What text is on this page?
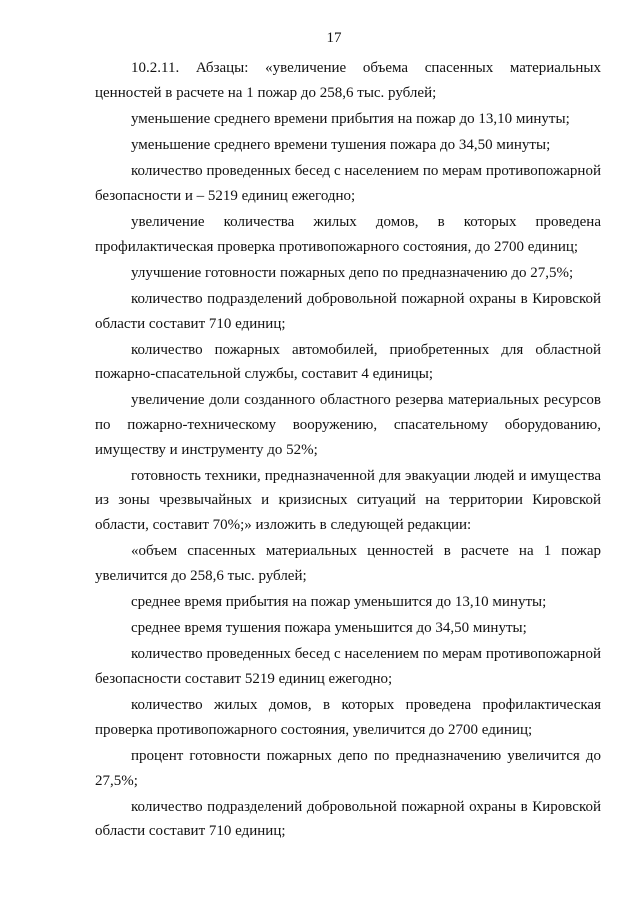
17

10.2.11. Абзацы: «увеличение объема спасенных материальных ценностей в расчете на 1 пожар до 258,6 тыс. рублей;

уменьшение среднего времени прибытия на пожар до 13,10 минуты;

уменьшение среднего времени тушения пожара до 34,50 минуты;

количество проведенных бесед с населением по мерам противопожарной безопасности и – 5219 единиц ежегодно;

увеличение количества жилых домов, в которых проведена профилактическая проверка противопожарного состояния, до 2700 единиц;

улучшение готовности пожарных депо по предназначению до 27,5%;

количество подразделений добровольной пожарной охраны в Кировской области составит 710 единиц;

количество пожарных автомобилей, приобретенных для областной пожарно-спасательной службы, составит 4 единицы;

увеличение доли созданного областного резерва материальных ресурсов по пожарно-техническому вооружению, спасательному оборудованию, имуществу и инструменту до 52%;

готовность техники, предназначенной для эвакуации людей и имущества из зоны чрезвычайных и кризисных ситуаций на территории Кировской области, составит 70%;» изложить в следующей редакции:

«объем спасенных материальных ценностей в расчете на 1 пожар увеличится до 258,6 тыс. рублей;

среднее время прибытия на пожар уменьшится до 13,10 минуты;

среднее время тушения пожара уменьшится до 34,50 минуты;

количество проведенных бесед с населением по мерам противопожарной безопасности составит 5219 единиц ежегодно;

количество жилых домов, в которых проведена профилактическая проверка противопожарного состояния, увеличится до 2700 единиц;

процент готовности пожарных депо по предназначению увеличится до 27,5%;

количество подразделений добровольной пожарной охраны в Кировской области составит 710 единиц;
